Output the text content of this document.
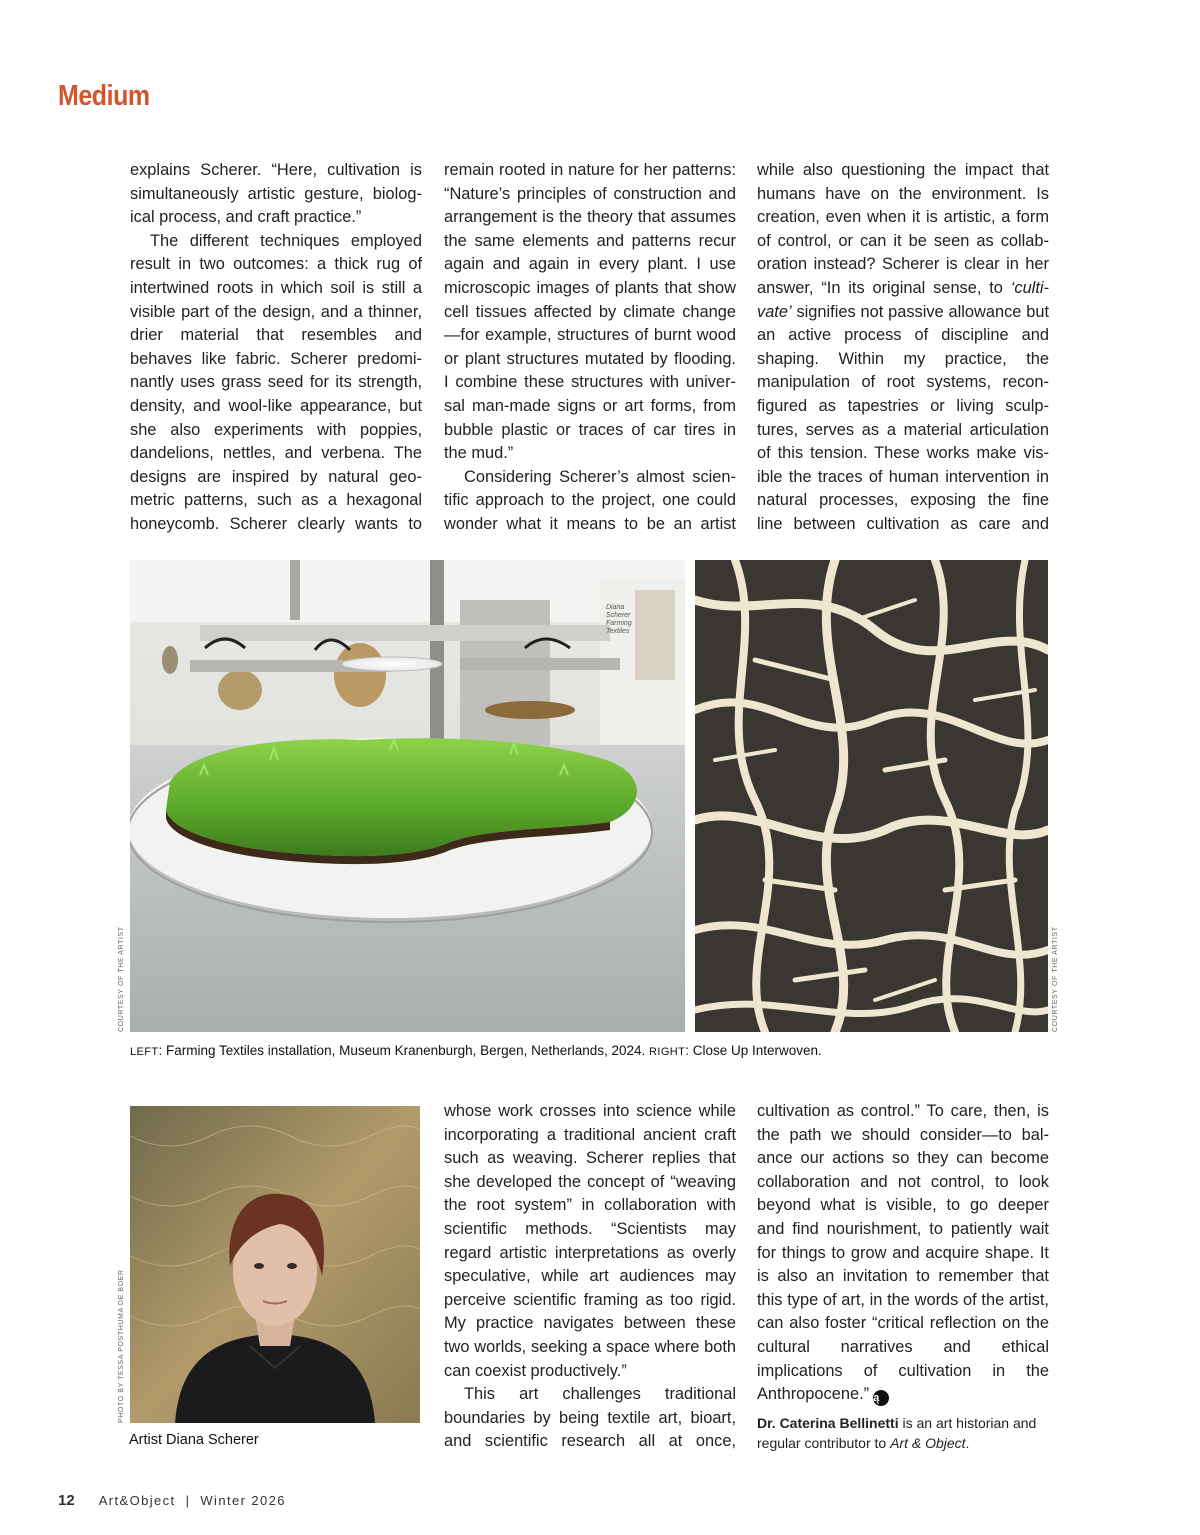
Medium

explains Scherer. “Here, cultivation is simultaneously artistic gesture, biological process, and craft practice.”

The different techniques employed result in two outcomes: a thick rug of intertwined roots in which soil is still a visible part of the design, and a thinner, drier material that resembles and behaves like fabric. Scherer predominantly uses grass seed for its strength, density, and wool-like appearance, but she also experiments with poppies, dandelions, nettles, and verbena. The designs are inspired by natural geometric patterns, such as a hexagonal honeycomb. Scherer clearly wants to

remain rooted in nature for her patterns: “Nature’s principles of construction and arrangement is the theory that assumes the same elements and patterns recur again and again in every plant. I use microscopic images of plants that show cell tissues affected by climate change—for example, structures of burnt wood or plant structures mutated by flooding. I combine these structures with universal man-made signs or art forms, from bubble plastic or traces of car tires in the mud.”

Considering Scherer’s almost scientific approach to the project, one could wonder what it means to be an artist

while also questioning the impact that humans have on the environment. Is creation, even when it is artistic, a form of control, or can it be seen as collaboration instead? Scherer is clear in her answer, “In its original sense, to ‘cultivate’ signifies not passive allowance but an active process of discipline and shaping. Within my practice, the manipulation of root systems, reconfigured as tapestries or living sculptures, serves as a material articulation of this tension. These works make visible the traces of human intervention in natural processes, exposing the fine line between cultivation as care and

Diana
Scherer
Farming
Textiles
COURTESY OF THE ARTIST	COURTESY OF THE ARTIST
LEFT: Farming Textiles installation, Museum Kranenburgh, Bergen, Netherlands, 2024. RIGHT: Close Up Interwoven.
PHOTO BY TESSA POSTHUMA DE BOER
Artist Diana Scherer

whose work crosses into science while incorporating a traditional ancient craft such as weaving. Scherer replies that she developed the concept of “weaving the root system” in collaboration with scientific methods. “Scientists may regard artistic interpretations as overly speculative, while art audiences may perceive scientific framing as too rigid. My practice navigates between these two worlds, seeking a space where both can coexist productively.”

This art challenges traditional boundaries by being textile art, bioart, and scientific research all at once,

cultivation as control.” To care, then, is the path we should consider—to balance our actions so they can become collaboration and not control, to look beyond what is visible, to go deeper and find nourishment, to patiently wait for things to grow and acquire shape. It is also an invitation to remember that this type of art, in the words of the artist, can also foster “critical reflection on the cultural narratives and ethical implications of cultivation in the Anthropocene.” ą

Dr. Caterina Bellinetti is an art historian and regular contributor to Art & Object.

12 Art&Object | Winter 2026
